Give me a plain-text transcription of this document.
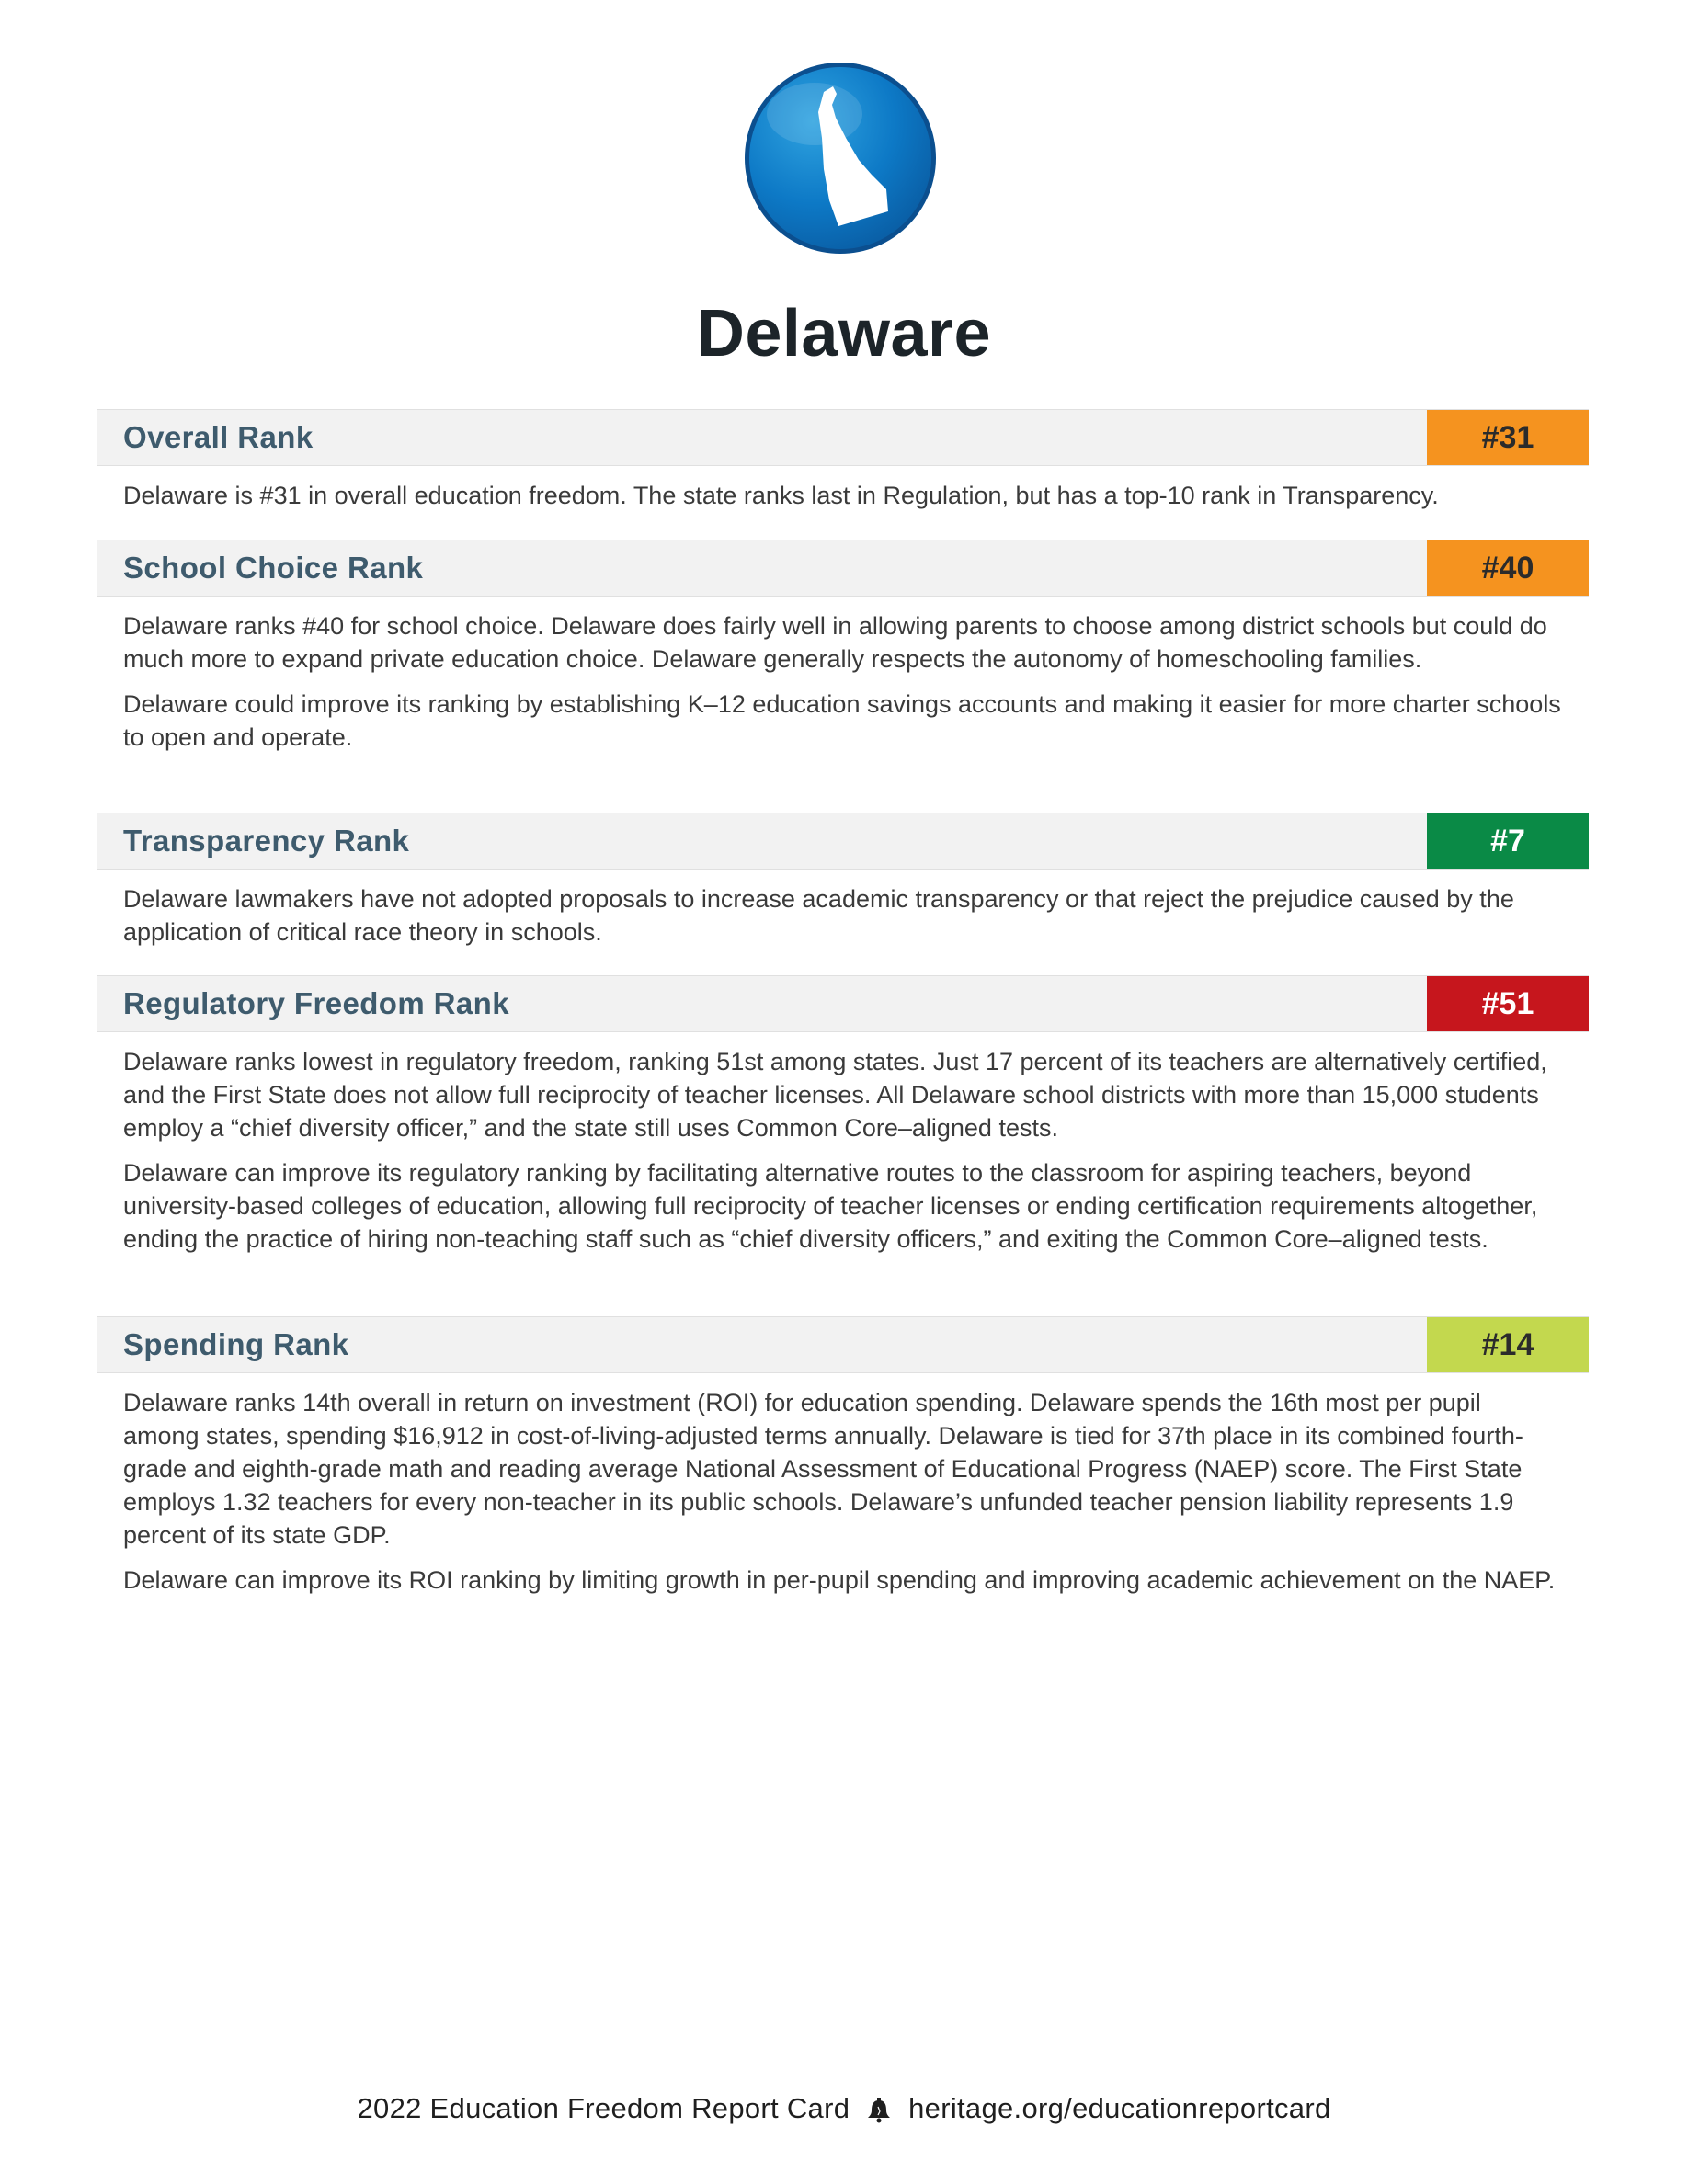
Delaware
Overall Rank	#31

Delaware is #31 in overall education freedom. The state ranks last in Regulation, but has a top-10 rank in Transparency.

School Choice Rank	#40

Delaware ranks #40 for school choice. Delaware does fairly well in allowing parents to choose among district schools but could do much more to expand private education choice. Delaware generally respects the autonomy of homeschooling families.

Delaware could improve its ranking by establishing K–12 education savings accounts and making it easier for more charter schools to open and operate.

Transparency Rank	#7

Delaware lawmakers have not adopted proposals to increase academic transparency or that reject the prejudice caused by the application of critical race theory in schools.

Regulatory Freedom Rank	#51

Delaware ranks lowest in regulatory freedom, ranking 51st among states. Just 17 percent of its teachers are alternatively certified, and the First State does not allow full reciprocity of teacher licenses. All Delaware school districts with more than 15,000 students employ a “chief diversity officer,” and the state still uses Common Core–aligned tests.

Delaware can improve its regulatory ranking by facilitating alternative routes to the classroom for aspiring teachers, beyond university-based colleges of education, allowing full reciprocity of teacher licenses or ending certification requirements altogether, ending the practice of hiring non-teaching staff such as “chief diversity officers,” and exiting the Common Core–aligned tests.

Spending Rank	#14

Delaware ranks 14th overall in return on investment (ROI) for education spending. Delaware spends the 16th most per pupil among states, spending $16,912 in cost-of-living-adjusted terms annually. Delaware is tied for 37th place in its combined fourth-grade and eighth-grade math and reading average National Assessment of Educational Progress (NAEP) score. The First State employs 1.32 teachers for every non-teacher in its public schools. Delaware’s unfunded teacher pension liability represents 1.9 percent of its state GDP.

Delaware can improve its ROI ranking by limiting growth in per-pupil spending and improving academic achievement on the NAEP.

2022 Education Freedom Report Card heritage.org/educationreportcard
